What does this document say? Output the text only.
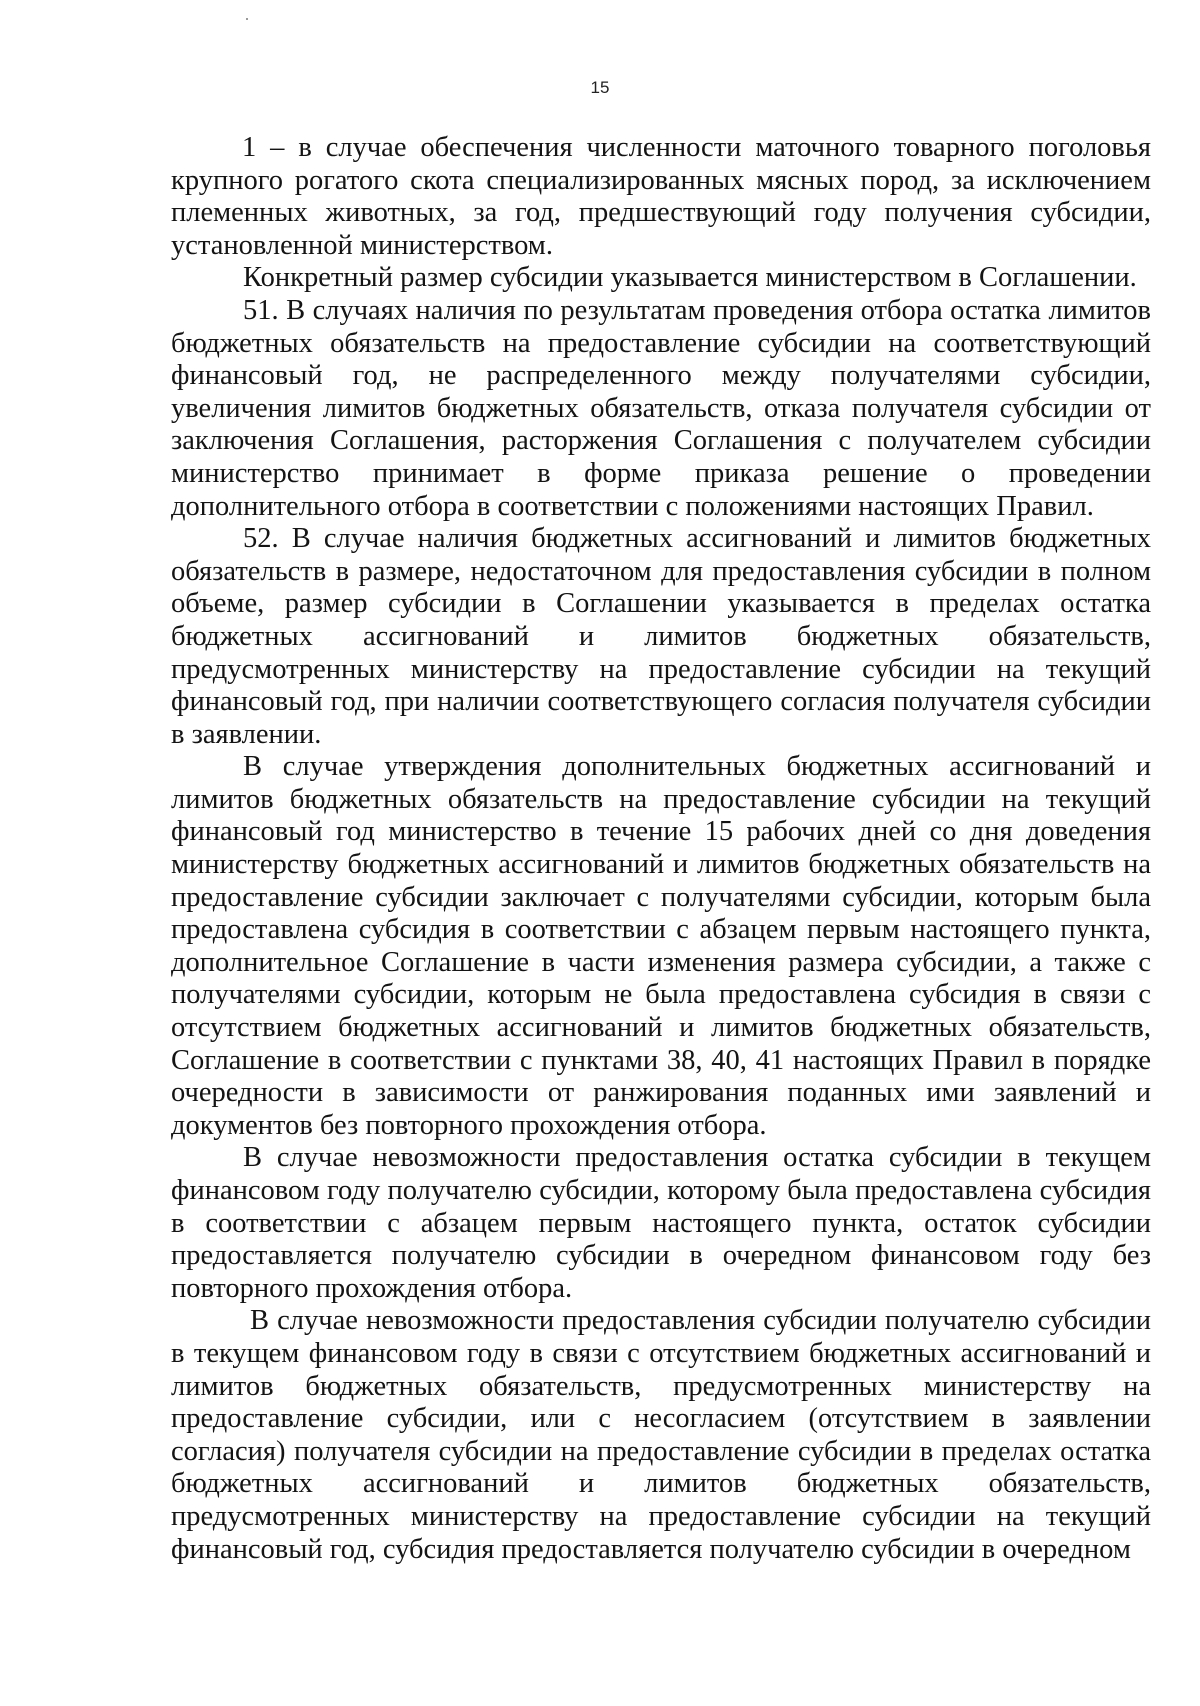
15

1 – в случае обеспечения численности маточного товарного поголовья крупного рогатого скота специализированных мясных пород, за исключением племенных животных, за год, предшествующий году получения субсидии, установленной министерством.

Конкретный размер субсидии указывается министерством в Соглашении.

51. В случаях наличия по результатам проведения отбора остатка лимитов бюджетных обязательств на предоставление субсидии на соответствующий финансовый год, не распределенного между получателями субсидии, увеличения лимитов бюджетных обязательств, отказа получателя субсидии от заключения Соглашения, расторжения Соглашения с получателем субсидии министерство принимает в форме приказа решение о проведении дополнительного отбора в соответствии с положениями настоящих Правил.

52. В случае наличия бюджетных ассигнований и лимитов бюджетных обязательств в размере, недостаточном для предоставления субсидии в полном объеме, размер субсидии в Соглашении указывается в пределах остатка бюджетных ассигнований и лимитов бюджетных обязательств, предусмотренных министерству на предоставление субсидии на текущий финансовый год, при наличии соответствующего согласия получателя субсидии в заявлении.

В случае утверждения дополнительных бюджетных ассигнований и лимитов бюджетных обязательств на предоставление субсидии на текущий финансовый год министерство в течение 15 рабочих дней со дня доведения министерству бюджетных ассигнований и лимитов бюджетных обязательств на предоставление субсидии заключает с получателями субсидии, которым была предоставлена субсидия в соответствии с абзацем первым настоящего пункта, дополнительное Соглашение в части изменения размера субсидии, а также с получателями субсидии, которым не была предоставлена субсидия в связи с отсутствием бюджетных ассигнований и лимитов бюджетных обязательств, Соглашение в соответствии с пунктами 38, 40, 41 настоящих Правил в порядке очередности в зависимости от ранжирования поданных ими заявлений и документов без повторного прохождения отбора.

В случае невозможности предоставления остатка субсидии в текущем финансовом году получателю субсидии, которому была предоставлена субсидия в соответствии с абзацем первым настоящего пункта, остаток субсидии предоставляется получателю субсидии в очередном финансовом году без повторного прохождения отбора.

В случае невозможности предоставления субсидии получателю субсидии в текущем финансовом году в связи с отсутствием бюджетных ассигнований и лимитов бюджетных обязательств, предусмотренных министерству на предоставление субсидии, или с несогласием (отсутствием в заявлении согласия) получателя субсидии на предоставление субсидии в пределах остатка бюджетных ассигнований и лимитов бюджетных обязательств, предусмотренных министерству на предоставление субсидии на текущий финансовый год, субсидия предоставляется получателю субсидии в очередном
